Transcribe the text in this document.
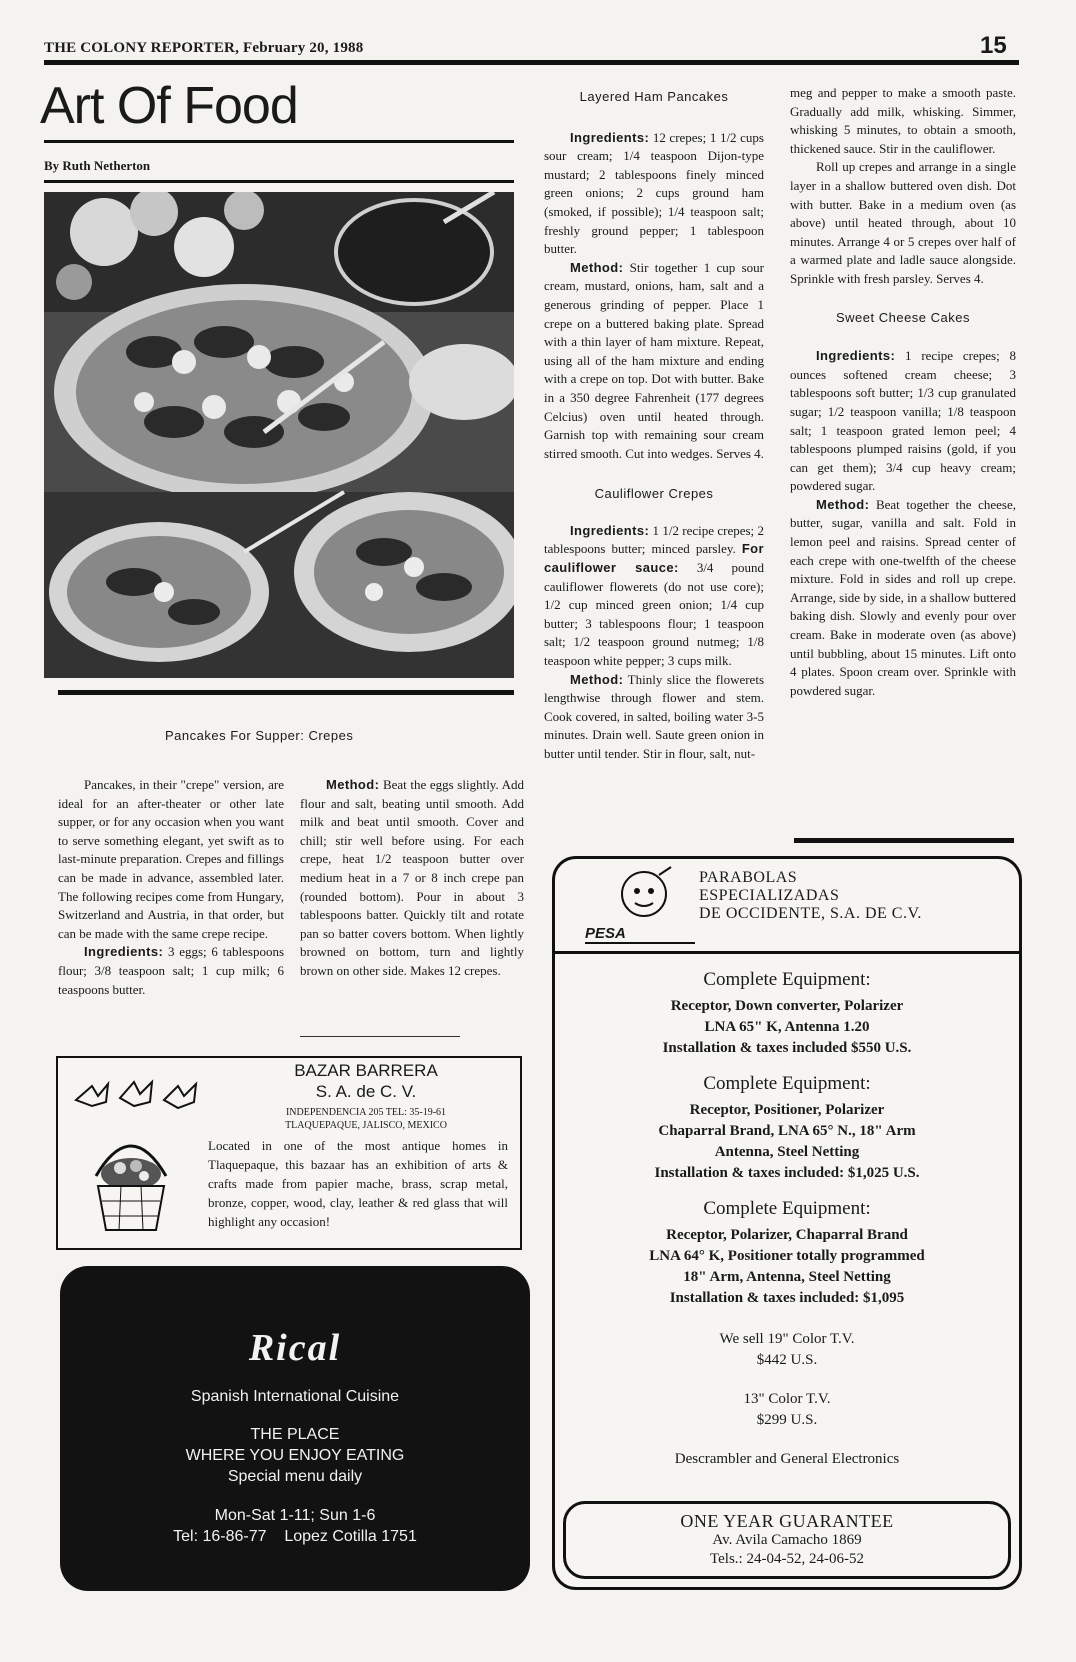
THE COLONY REPORTER, February 20, 1988	15
Art Of Food
By Ruth Netherton
Pancakes For Supper: Crepes

Pancakes, in their "crepe" version, are ideal for an after-theater or other late supper, or for any occasion when you want to serve something elegant, yet swift as to last-minute preparation. Crepes and fillings can be made in advance, assembled later. The following recipes come from Hungary, Switzerland and Austria, in that order, but can be made with the same crepe recipe.

Ingredients: 3 eggs; 6 tablespoons flour; 3/8 teaspoon salt; 1 cup milk; 6 teaspoons butter.

Method: Beat the eggs slightly. Add flour and salt, beating until smooth. Add milk and beat until smooth. Cover and chill; stir well before using. For each crepe, heat 1/2 teaspoon butter over medium heat in a 7 or 8 inch crepe pan (rounded bottom). Pour in about 3 tablespoons batter. Quickly tilt and rotate pan so batter covers bottom. When lightly browned on bottom, turn and lightly brown on other side. Makes 12 crepes.

Layered Ham Pancakes

Ingredients: 12 crepes; 1 1/2 cups sour cream; 1/4 teaspoon Dijon-type mustard; 2 tablespoons finely minced green onions; 2 cups ground ham (smoked, if possible); 1/4 teaspoon salt; freshly ground pepper; 1 tablespoon butter.

Method: Stir together 1 cup sour cream, mustard, onions, ham, salt and a generous grinding of pepper. Place 1 crepe on a buttered baking plate. Spread with a thin layer of ham mixture. Repeat, using all of the ham mixture and ending with a crepe on top. Dot with butter. Bake in a 350 degree Fahrenheit (177 degrees Celcius) oven until heated through. Garnish top with remaining sour cream stirred smooth. Cut into wedges. Serves 4.

Cauliflower Crepes

Ingredients: 1 1/2 recipe crepes; 2 tablespoons butter; minced parsley. For cauliflower sauce: 3/4 pound cauliflower flowerets (do not use core); 1/2 cup minced green onion; 1/4 cup butter; 3 tablespoons flour; 1 teaspoon salt; 1/2 teaspoon ground nutmeg; 1/8 teaspoon white pepper; 3 cups milk.

Method: Thinly slice the flowerets lengthwise through flower and stem. Cook covered, in salted, boiling water 3-5 minutes. Drain well. Saute green onion in butter until tender. Stir in flour, salt, nut-

meg and pepper to make a smooth paste. Gradually add milk, whisking. Simmer, whisking 5 minutes, to obtain a smooth, thickened sauce. Stir in the cauliflower.

Roll up crepes and arrange in a single layer in a shallow buttered oven dish. Dot with butter. Bake in a medium oven (as above) until heated through, about 10 minutes. Arrange 4 or 5 crepes over half of a warmed plate and ladle sauce alongside. Sprinkle with fresh parsley. Serves 4.

Sweet Cheese Cakes

Ingredients: 1 recipe crepes; 8 ounces softened cream cheese; 3 tablespoons soft butter; 1/3 cup granulated sugar; 1/2 teaspoon vanilla; 1/8 teaspoon salt; 1 teaspoon grated lemon peel; 4 tablespoons plumped raisins (gold, if you can get them); 3/4 cup heavy cream; powdered sugar.

Method: Beat together the cheese, butter, sugar, vanilla and salt. Fold in lemon peel and raisins. Spread center of each crepe with one-twelfth of the cheese mixture. Fold in sides and roll up crepe. Arrange, side by side, in a shallow buttered baking dish. Slowly and evenly pour over cream. Bake in moderate oven (as above) until bubbling, about 15 minutes. Lift onto 4 plates. Spoon cream over. Sprinkle with powdered sugar.

BAZAR BARRERA
S. A. de C. V.
INDEPENDENCIA 205 TEL: 35-19-61
TLAQUEPAQUE, JALISCO, MEXICO
Located in one of the most antique homes in Tlaquepaque, this bazaar has an exhibition of arts & crafts made from papier mache, brass, scrap metal, bronze, copper, wood, clay, leather & red glass that will highlight any occasion!
Rical
Spanish International Cuisine
THE PLACE
WHERE YOU ENJOY EATING
Special menu daily
Mon-Sat 1-11; Sun 1-6
Tel: 16-86-77    Lopez Cotilla 1751
PESA
PARABOLAS
ESPECIALIZADAS
DE OCCIDENTE, S.A. DE C.V.
Complete Equipment:
Receptor, Down converter, Polarizer
LNA 65" K, Antenna 1.20
Installation & taxes included $550 U.S.
Complete Equipment:
Receptor, Positioner, Polarizer
Chaparral Brand, LNA 65° N., 18" Arm
Antenna, Steel Netting
Installation & taxes included: $1,025 U.S.
Complete Equipment:
Receptor, Polarizer, Chaparral Brand
LNA 64° K, Positioner totally programmed
18" Arm, Antenna, Steel Netting
Installation & taxes included: $1,095
We sell 19" Color T.V.
$442 U.S.
13" Color T.V.
$299 U.S.
Descrambler and General Electronics
ONE YEAR GUARANTEE
Av. Avila Camacho 1869
Tels.: 24-04-52, 24-06-52
